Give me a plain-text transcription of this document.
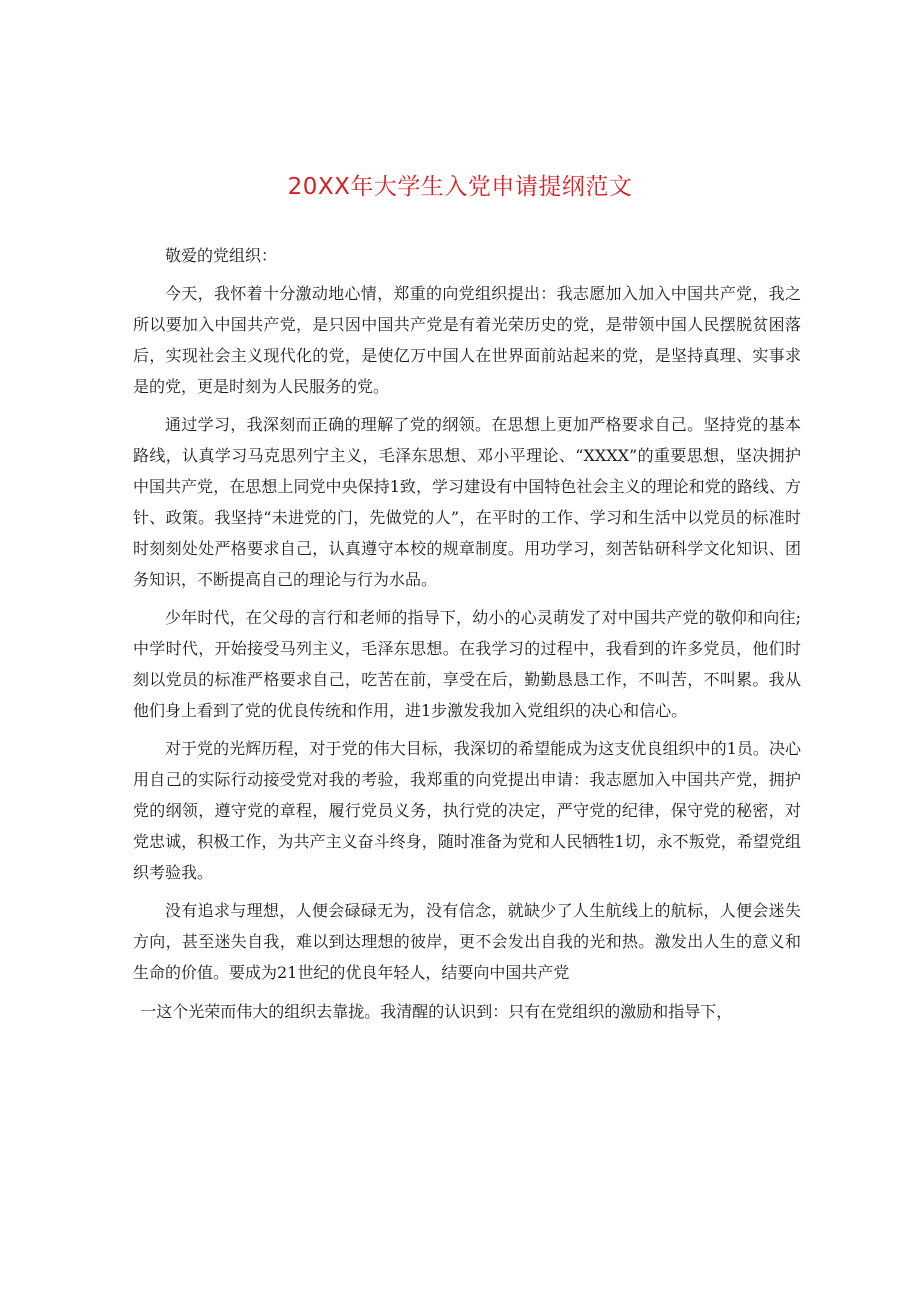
20XX年大学生入党申请提纲范文

敬爱的党组织：

今天，我怀着十分激动地心情，郑重的向党组织提出：我志愿加入加入中国共产党，我之所以要加入中国共产党，是只因中国共产党是有着光荣历史的党，是带领中国人民摆脱贫困落后，实现社会主义现代化的党，是使亿万中国人在世界面前站起来的党，是坚持真理、实事求是的党，更是时刻为人民服务的党。

通过学习，我深刻而正确的理解了党的纲领。在思想上更加严格要求自己。坚持党的基本路线，认真学习马克思列宁主义，毛泽东思想、邓小平理论、“XXXX”的重要思想，坚决拥护中国共产党，在思想上同党中央保持1致，学习建设有中国特色社会主义的理论和党的路线、方针、政策。我坚持“未进党的门，先做党的人”，在平时的工作、学习和生活中以党员的标准时时刻刻处处严格要求自己，认真遵守本校的规章制度。用功学习，刻苦钻研科学文化知识、团务知识，不断提高自己的理论与行为水品。

少年时代，在父母的言行和老师的指导下，幼小的心灵萌发了对中国共产党的敬仰和向往;中学时代，开始接受马列主义，毛泽东思想。在我学习的过程中，我看到的许多党员，他们时刻以党员的标准严格要求自己，吃苦在前，享受在后，勤勤恳恳工作，不叫苦，不叫累。我从他们身上看到了党的优良传统和作用，进1步激发我加入党组织的决心和信心。

对于党的光辉历程，对于党的伟大目标，我深切的希望能成为这支优良组织中的1员。决心用自己的实际行动接受党对我的考验，我郑重的向党提出申请：我志愿加入中国共产党，拥护党的纲领，遵守党的章程，履行党员义务，执行党的决定，严守党的纪律，保守党的秘密，对党忠诚，积极工作，为共产主义奋斗终身，随时准备为党和人民牺牲1切，永不叛党，希望党组织考验我。

没有追求与理想，人便会碌碌无为，没有信念，就缺少了人生航线上的航标，人便会迷失方向，甚至迷失自我，难以到达理想的彼岸，更不会发出自我的光和热。激发出人生的意义和生命的价值。要成为21世纪的优良年轻人，结要向中国共产党

一这个光荣而伟大的组织去靠拢。我清醒的认识到：只有在党组织的激励和指导下，
